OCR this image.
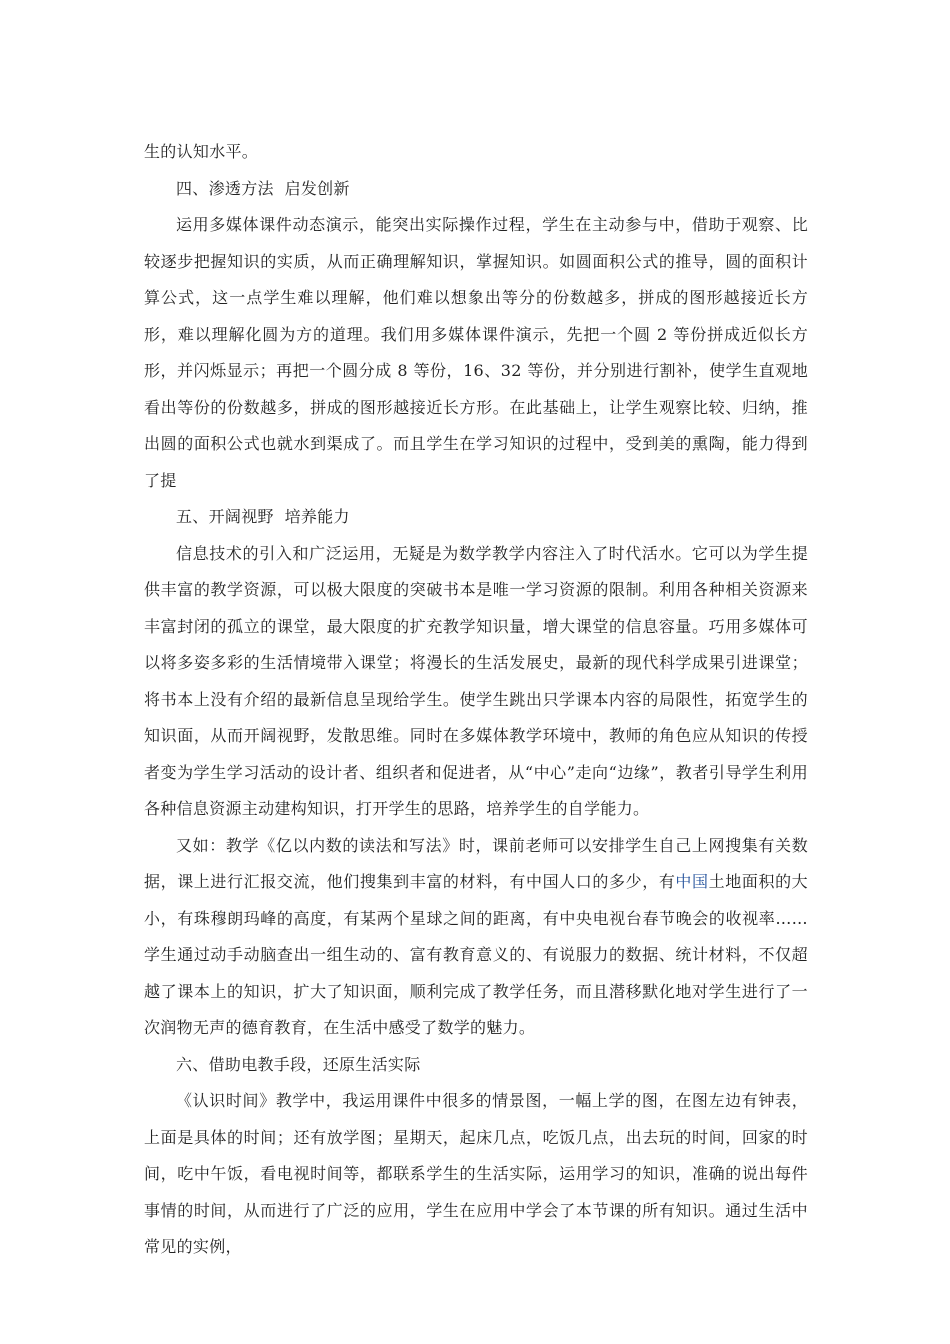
生的认知水平。

四、渗透方法  启发创新

运用多媒体课件动态演示，能突出实际操作过程，学生在主动参与中，借助于观察、比较逐步把握知识的实质，从而正确理解知识，掌握知识。如圆面积公式的推导，圆的面积计算公式，这一点学生难以理解，他们难以想象出等分的份数越多，拼成的图形越接近长方形，难以理解化圆为方的道理。我们用多媒体课件演示，先把一个圆 2 等份拼成近似长方形，并闪烁显示；再把一个圆分成 8 等份，16、32 等份，并分别进行割补，使学生直观地看出等份的份数越多，拼成的图形越接近长方形。在此基础上，让学生观察比较、归纳，推出圆的面积公式也就水到渠成了。而且学生在学习知识的过程中，受到美的熏陶，能力得到了提

五、开阔视野  培养能力

信息技术的引入和广泛运用，无疑是为数学教学内容注入了时代活水。它可以为学生提供丰富的教学资源，可以极大限度的突破书本是唯一学习资源的限制。利用各种相关资源来丰富封闭的孤立的课堂，最大限度的扩充教学知识量，增大课堂的信息容量。巧用多媒体可以将多姿多彩的生活情境带入课堂；将漫长的生活发展史，最新的现代科学成果引进课堂；将书本上没有介绍的最新信息呈现给学生。使学生跳出只学课本内容的局限性，拓宽学生的知识面，从而开阔视野，发散思维。同时在多媒体教学环境中，教师的角色应从知识的传授者变为学生学习活动的设计者、组织者和促进者，从“中心”走向“边缘”，教者引导学生利用各种信息资源主动建构知识，打开学生的思路，培养学生的自学能力。

又如：教学《亿以内数的读法和写法》时，课前老师可以安排学生自己上网搜集有关数据，课上进行汇报交流，他们搜集到丰富的材料，有中国人口的多少，有中国土地面积的大小，有珠穆朗玛峰的高度，有某两个星球之间的距离，有中央电视台春节晚会的收视率…… 学生通过动手动脑查出一组生动的、富有教育意义的、有说服力的数据、统计材料，不仅超越了课本上的知识，扩大了知识面，顺利完成了教学任务，而且潜移默化地对学生进行了一次润物无声的德育教育，在生活中感受了数学的魅力。

六、借助电教手段，还原生活实际

《认识时间》教学中，我运用课件中很多的情景图，一幅上学的图，在图左边有钟表，上面是具体的时间；还有放学图；星期天，起床几点，吃饭几点，出去玩的时间，回家的时间，吃中午饭，看电视时间等，都联系学生的生活实际，运用学习的知识，准确的说出每件事情的时间，从而进行了广泛的应用，学生在应用中学会了本节课的所有知识。通过生活中常见的实例，
